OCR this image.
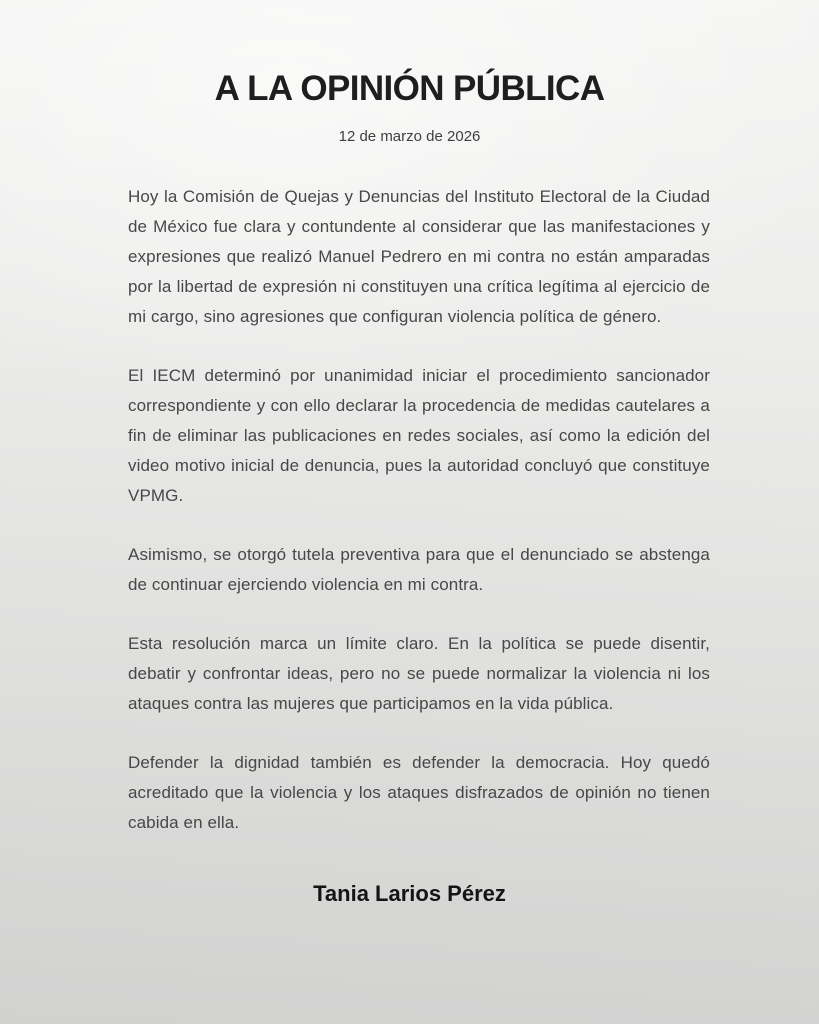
A LA OPINIÓN PÚBLICA
12 de marzo de 2026

Hoy la Comisión de Quejas y Denuncias del Instituto Electoral de la Ciudad de México fue clara y contundente al considerar que las manifestaciones y expresiones que realizó Manuel Pedrero en mi contra no están amparadas por la libertad de expresión ni constituyen una crítica legítima al ejercicio de mi cargo, sino agresiones que configuran violencia política de género.

El IECM determinó por unanimidad iniciar el procedimiento sancionador correspondiente y con ello declarar la procedencia de medidas cautelares a fin de eliminar las publicaciones en redes sociales, así como la edición del video motivo inicial de denuncia, pues la autoridad concluyó que constituye VPMG.

Asimismo, se otorgó tutela preventiva para que el denunciado se abstenga de continuar ejerciendo violencia en mi contra.

Esta resolución marca un límite claro. En la política se puede disentir, debatir y confrontar ideas, pero no se puede normalizar la violencia ni los ataques contra las mujeres que participamos en la vida pública.

Defender la dignidad también es defender la democracia. Hoy quedó acreditado que la violencia y los ataques disfrazados de opinión no tienen cabida en ella.

Tania Larios Pérez
